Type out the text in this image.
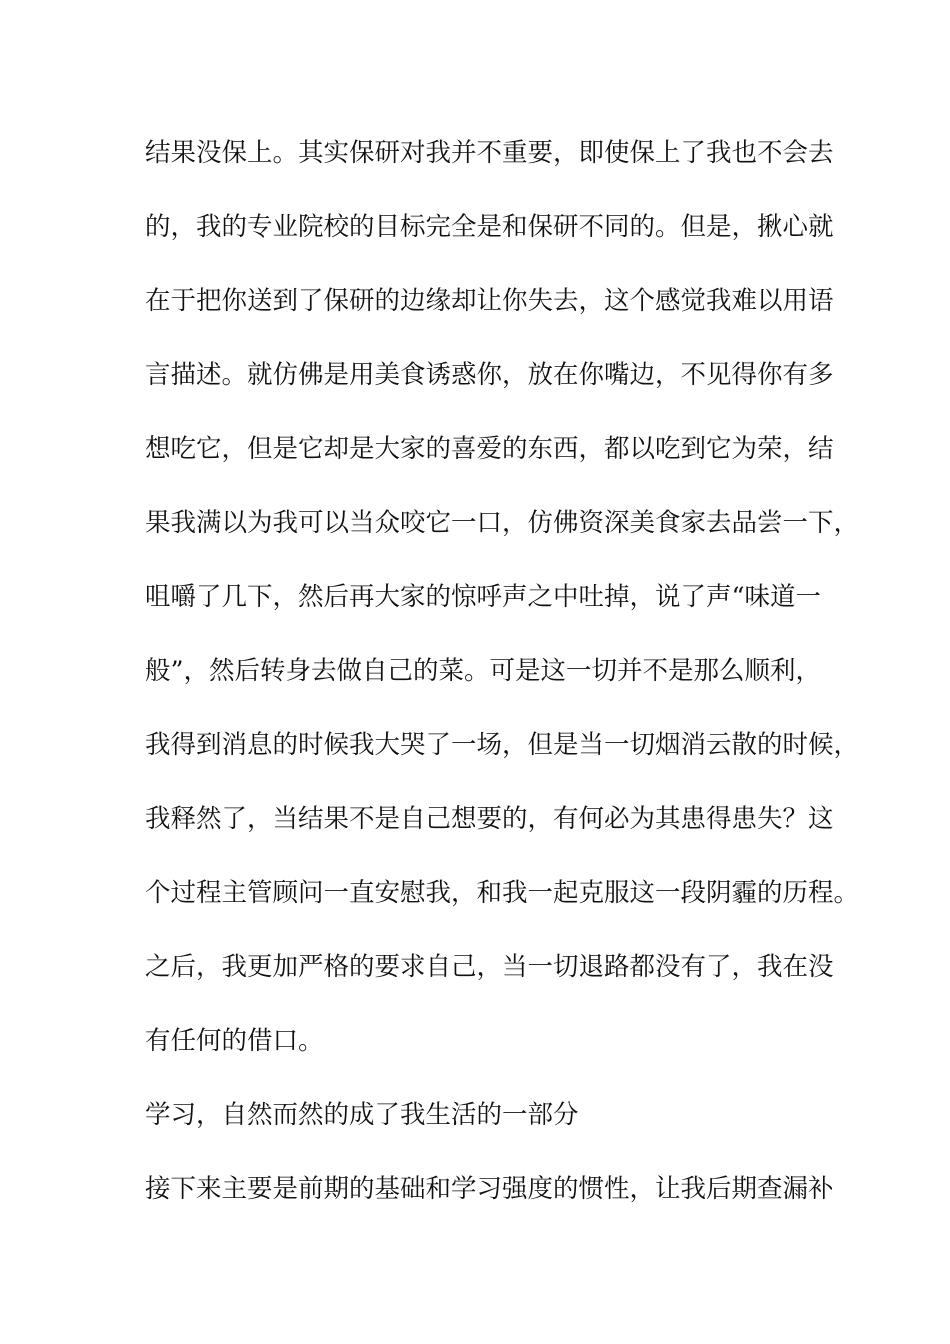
结果没保上。其实保研对我并不重要，即使保上了我也不会去
的，我的专业院校的目标完全是和保研不同的。但是，揪心就
在于把你送到了保研的边缘却让你失去，这个感觉我难以用语
言描述。就仿佛是用美食诱惑你，放在你嘴边，不见得你有多
想吃它，但是它却是大家的喜爱的东西，都以吃到它为荣，结
果我满以为我可以当众咬它一口，仿佛资深美食家去品尝一下，
咀嚼了几下，然后再大家的惊呼声之中吐掉，说了声“味道一
般”，然后转身去做自己的菜。可是这一切并不是那么顺利，
我得到消息的时候我大哭了一场，但是当一切烟消云散的时候，
我释然了，当结果不是自己想要的，有何必为其患得患失？这
个过程主管顾问一直安慰我，和我一起克服这一段阴霾的历程。
之后，我更加严格的要求自己，当一切退路都没有了，我在没
有任何的借口。
学习，自然而然的成了我生活的一部分
接下来主要是前期的基础和学习强度的惯性，让我后期查漏补
